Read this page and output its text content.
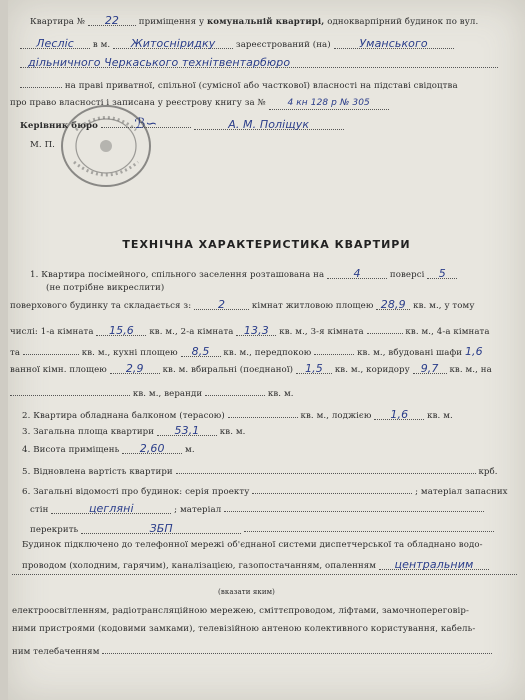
Квартира № 22 приміщення у комунальній квартирі, однокварпірний будинок по вул.
Лесліс в м. Житосніридку зареєстрований (на)	Уманського
дільничного Черкаського технітвентарбюро
на праві приватної, спільної (сумісної або часткової) власності на підставі свідоцтва
про право власності і записана у реєстрову книгу за № 4 кн 128 р № 305
Керівник бюро	ℬ∽	А. М. Поліщук
М. П.
ТЕХНІЧНА ХАРАКТЕРИСТИКА КВАРТИРИ
1. Квартира посімейного, спільного заселення розташована на	4	поверсі 5
(не потрібне викреслити)
поверхового будинку та складається з: 2	кімнат житловою площею 28,9 кв. м., у тому
числі: 1-а кімната 15,6 кв. м., 2-а кімната 13,3 кв. м., 3-я кімната	кв. м., 4-а кімната
та	кв. м., кухні площею 8,5 кв. м., передпокою	кв. м., вбудовані шафи 1,6
ванної кімн. площею 2,9 кв. м. вбиральні (поєднаної) 1,5 кв. м., коридору 9,7 кв. м., на
кв. м., веранди	кв. м.
2. Квартира обладнана балконом (терасою)	кв. м., лоджією 1,6 кв. м.
3. Загальна площа квартири 53,1 кв. м.
4. Висота приміщень 2,60 м.
5. Відновлена вартість квартири	крб.
6. Загальні відомості про будинок: серія проекту	; матеріал запасних
стін	цегляні	; матеріал
перекрить	ЗБП
Будинок підключено до телефонної мережі об'єднаної системи диспетчерської та обладнано водо-
проводом (холодним, гарячим), каналізацією, газопостачанням, опаленням центральним
(вказати яким)
електроосвітленням, радіотрансляційною мережею, сміттєпроводом, ліфтами, замочнопереговір-
ними пристроями (кодовими замками), телевізійною антеною колективного користування, кабель-
ним телебаченням
